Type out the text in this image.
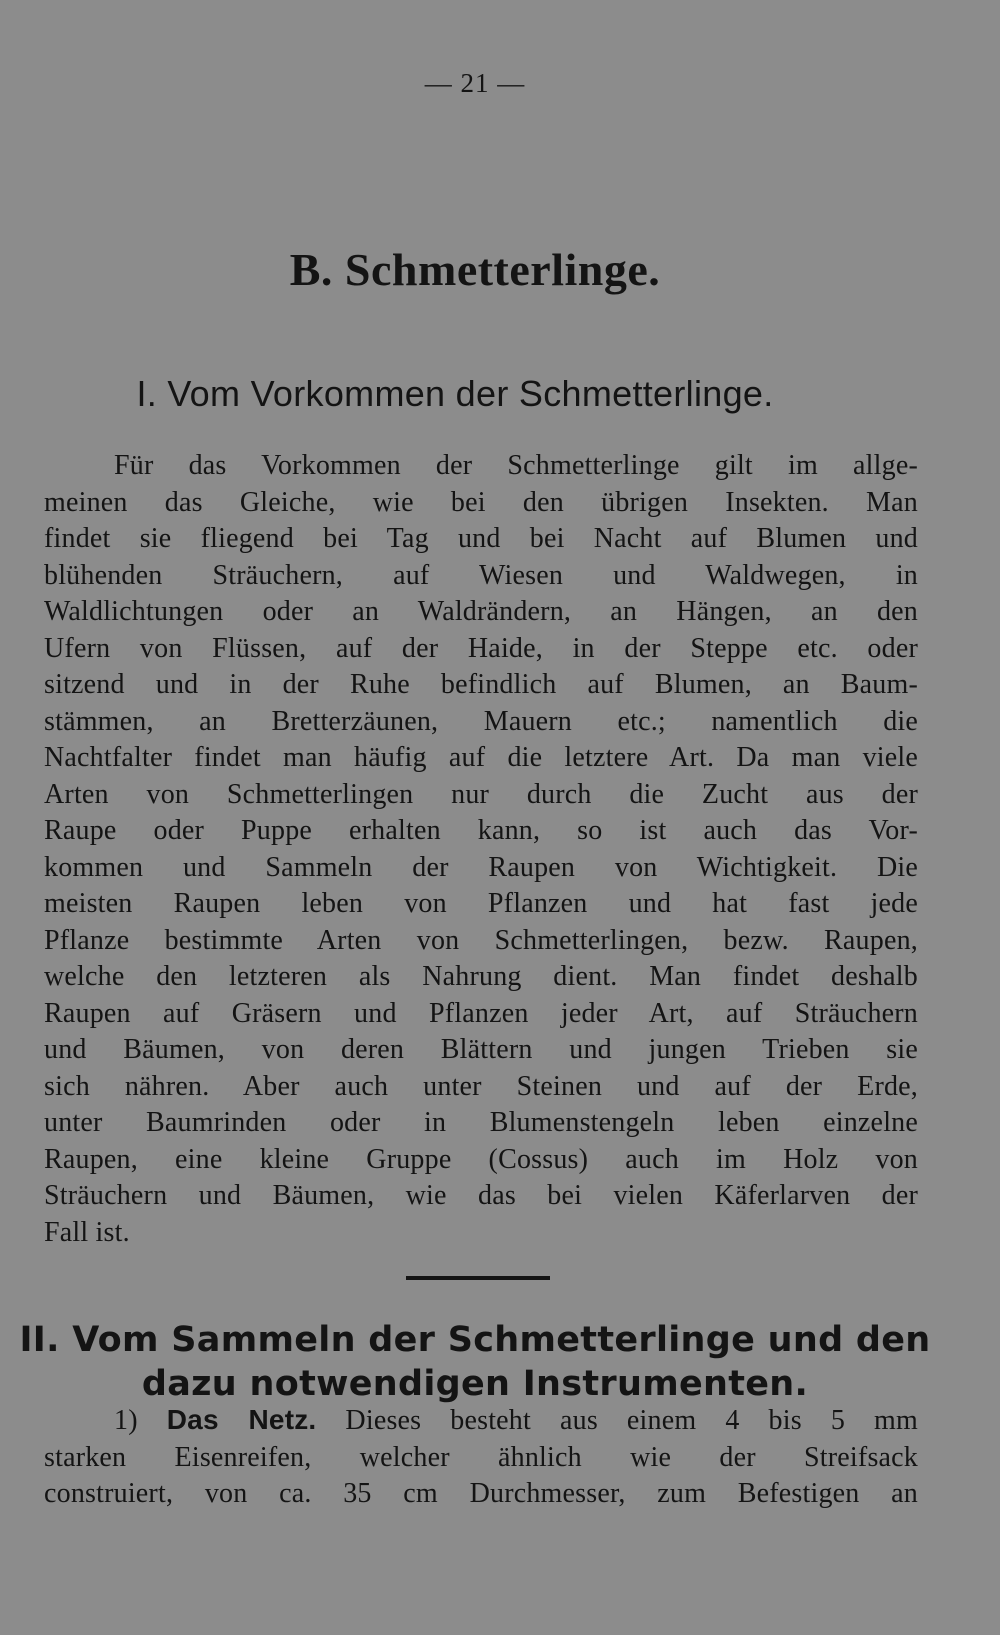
— 21 —
B. Schmetterlinge.
I. Vom Vorkommen der Schmetterlinge.
Für das Vorkommen der Schmetterlinge gilt im allge-
meinen das Gleiche, wie bei den übrigen Insekten. Man
findet sie fliegend bei Tag und bei Nacht auf Blumen und
blühenden Sträuchern, auf Wiesen und Waldwegen, in
Waldlichtungen oder an Waldrändern, an Hängen, an den
Ufern von Flüssen, auf der Haide, in der Steppe etc. oder
sitzend und in der Ruhe befindlich auf Blumen, an Baum-
stämmen, an Bretterzäunen, Mauern etc.; namentlich die
Nachtfalter findet man häufig auf die letztere Art. Da man viele
Arten von Schmetterlingen nur durch die Zucht aus der
Raupe oder Puppe erhalten kann, so ist auch das Vor-
kommen und Sammeln der Raupen von Wichtigkeit. Die
meisten Raupen leben von Pflanzen und hat fast jede
Pflanze bestimmte Arten von Schmetterlingen, bezw. Raupen,
welche den letzteren als Nahrung dient. Man findet deshalb
Raupen auf Gräsern und Pflanzen jeder Art, auf Sträuchern
und Bäumen, von deren Blättern und jungen Trieben sie
sich nähren. Aber auch unter Steinen und auf der Erde,
unter Baumrinden oder in Blumenstengeln leben einzelne
Raupen, eine kleine Gruppe (Cossus) auch im Holz von
Sträuchern und Bäumen, wie das bei vielen Käferlarven der
Fall ist.
II. Vom Sammeln der Schmetterlinge und den
dazu notwendigen Instrumenten.
1) Das Netz. Dieses besteht aus einem 4 bis 5 mm
starken Eisenreifen, welcher ähnlich wie der Streifsack
construiert, von ca. 35 cm Durchmesser, zum Befestigen an
